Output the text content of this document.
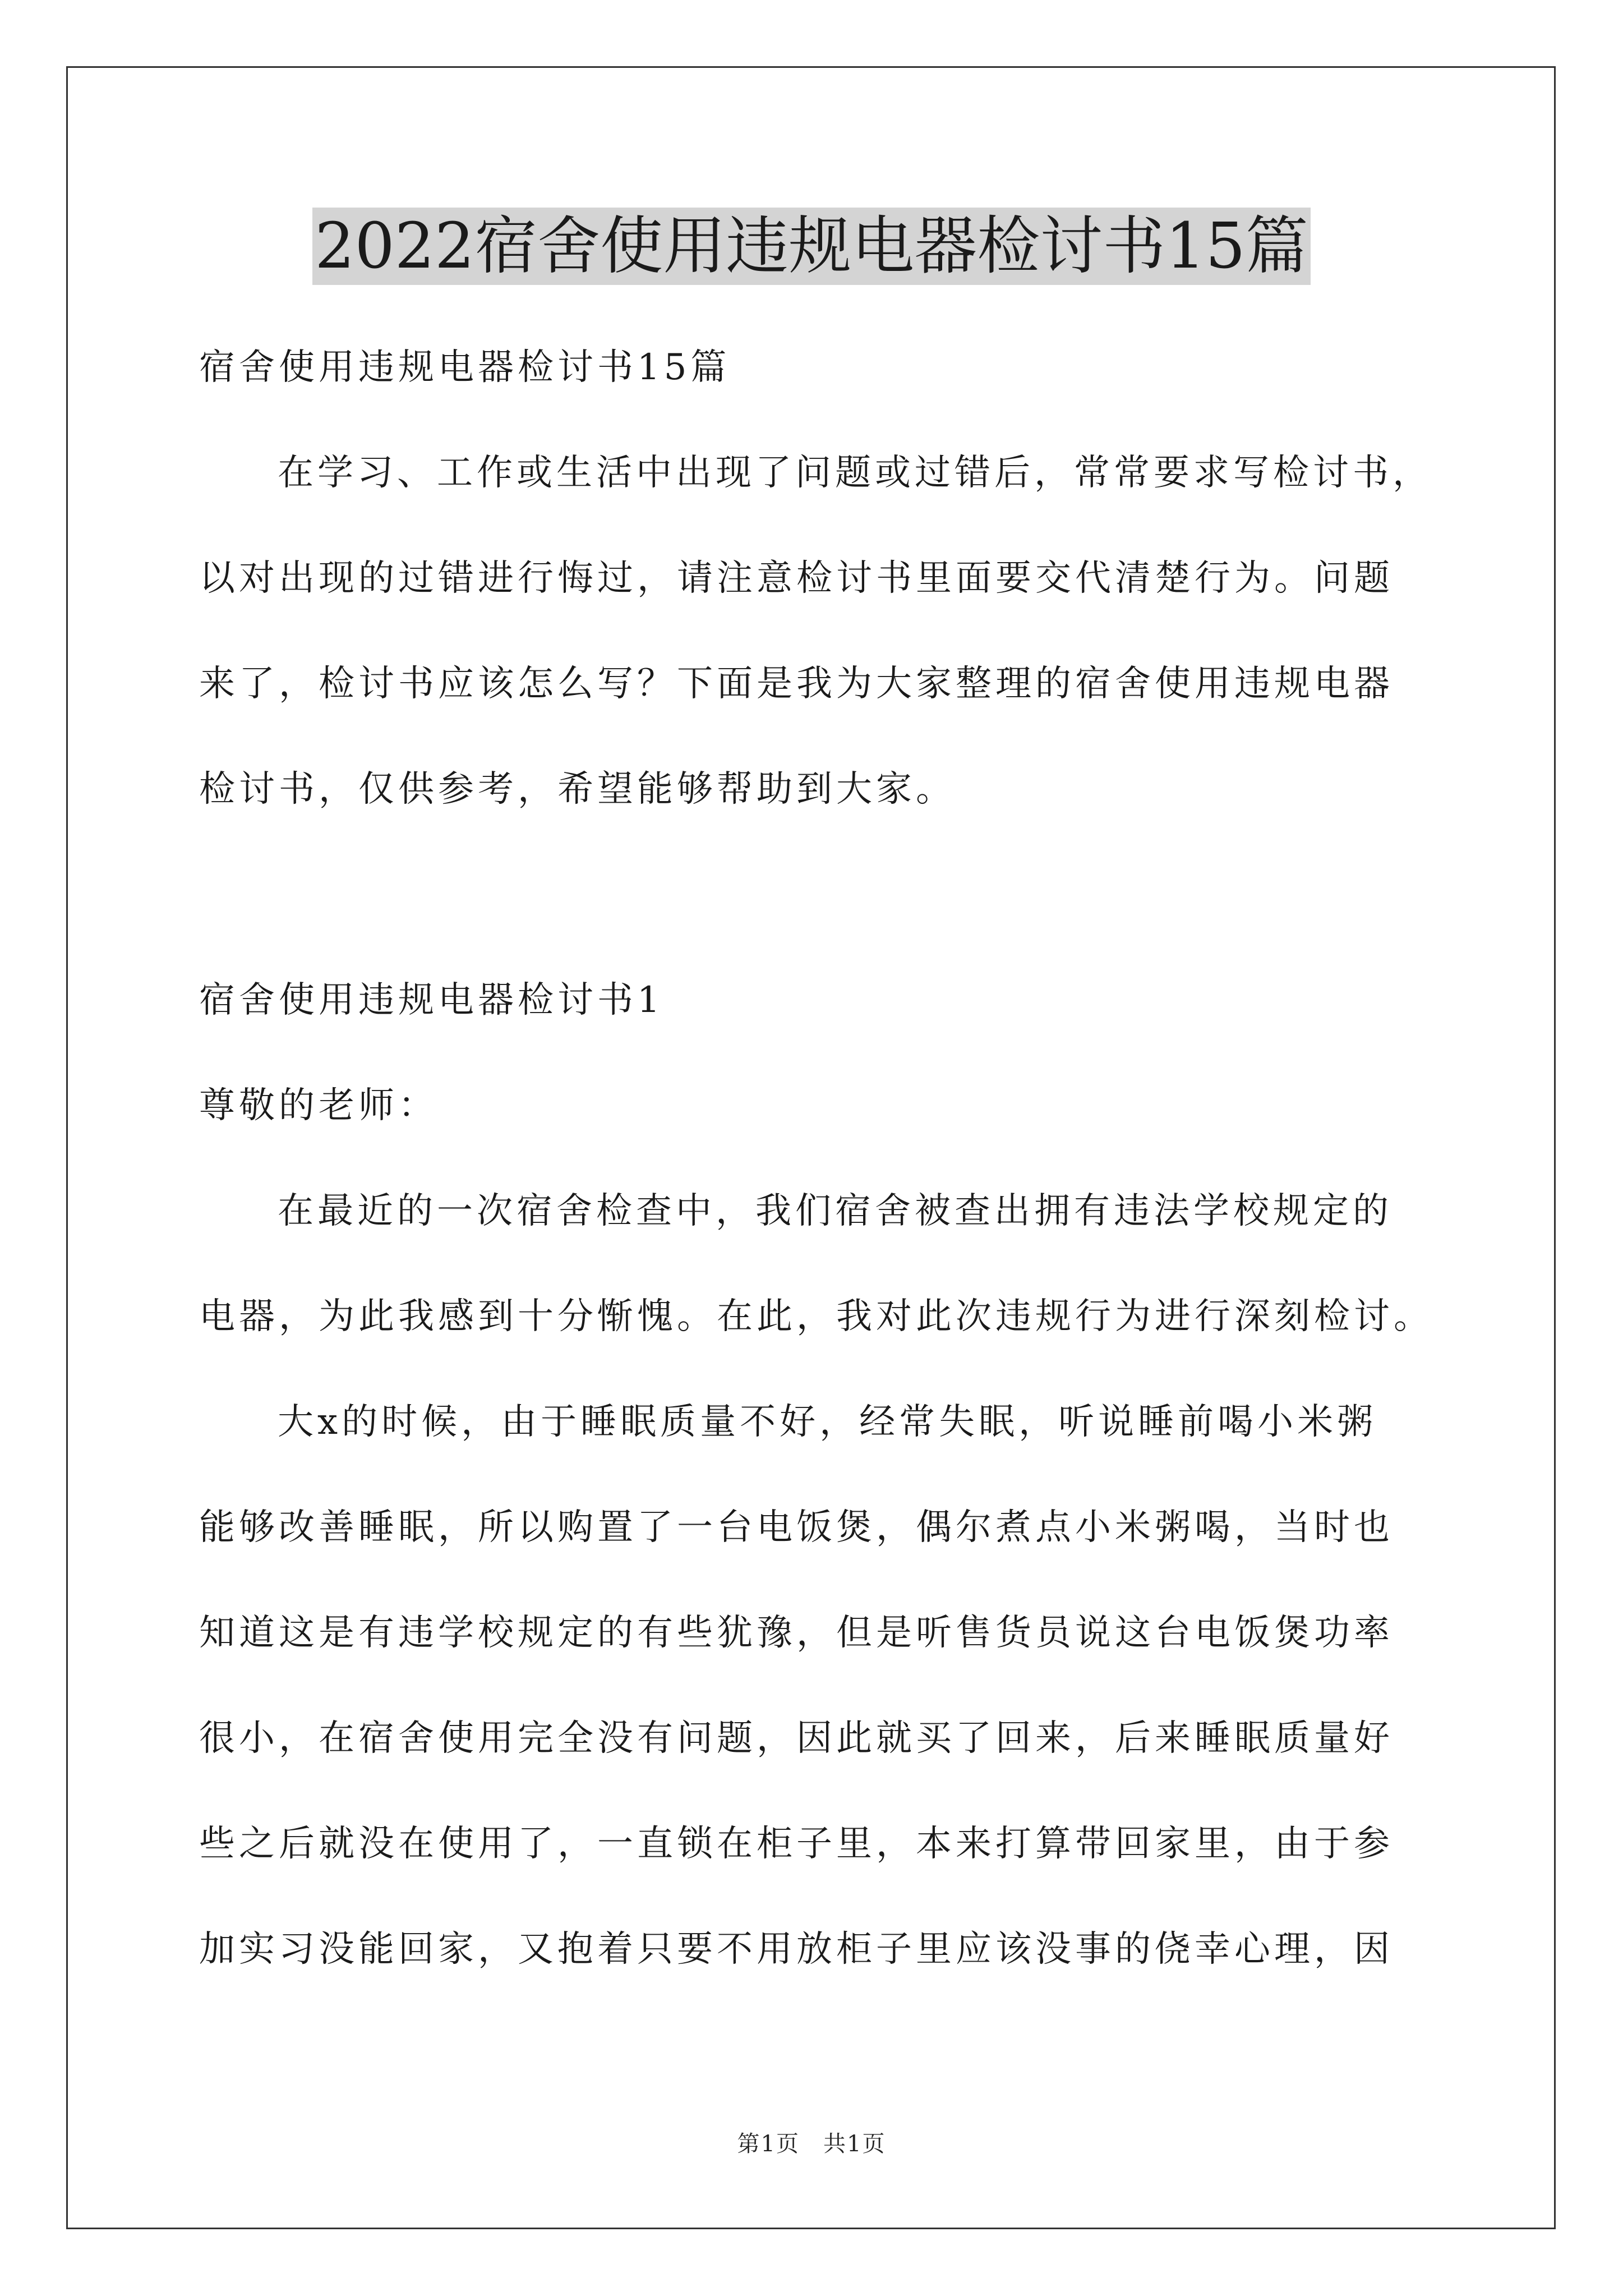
2022宿舍使用违规电器检讨书15篇
宿舍使用违规电器检讨书15篇
在学习、工作或生活中出现了问题或过错后，常常要求写检讨书，
以对出现的过错进行悔过，请注意检讨书里面要交代清楚行为。问题
来了，检讨书应该怎么写？下面是我为大家整理的宿舍使用违规电器
检讨书，仅供参考，希望能够帮助到大家。
宿舍使用违规电器检讨书1
尊敬的老师：
在最近的一次宿舍检查中，我们宿舍被查出拥有违法学校规定的
电器，为此我感到十分惭愧。在此，我对此次违规行为进行深刻检讨。
大x的时候，由于睡眠质量不好，经常失眠，听说睡前喝小米粥
能够改善睡眠，所以购置了一台电饭煲，偶尔煮点小米粥喝，当时也
知道这是有违学校规定的有些犹豫，但是听售货员说这台电饭煲功率
很小，在宿舍使用完全没有问题，因此就买了回来，后来睡眠质量好
些之后就没在使用了，一直锁在柜子里，本来打算带回家里，由于参
加实习没能回家，又抱着只要不用放柜子里应该没事的侥幸心理，因
第1页　共1页
